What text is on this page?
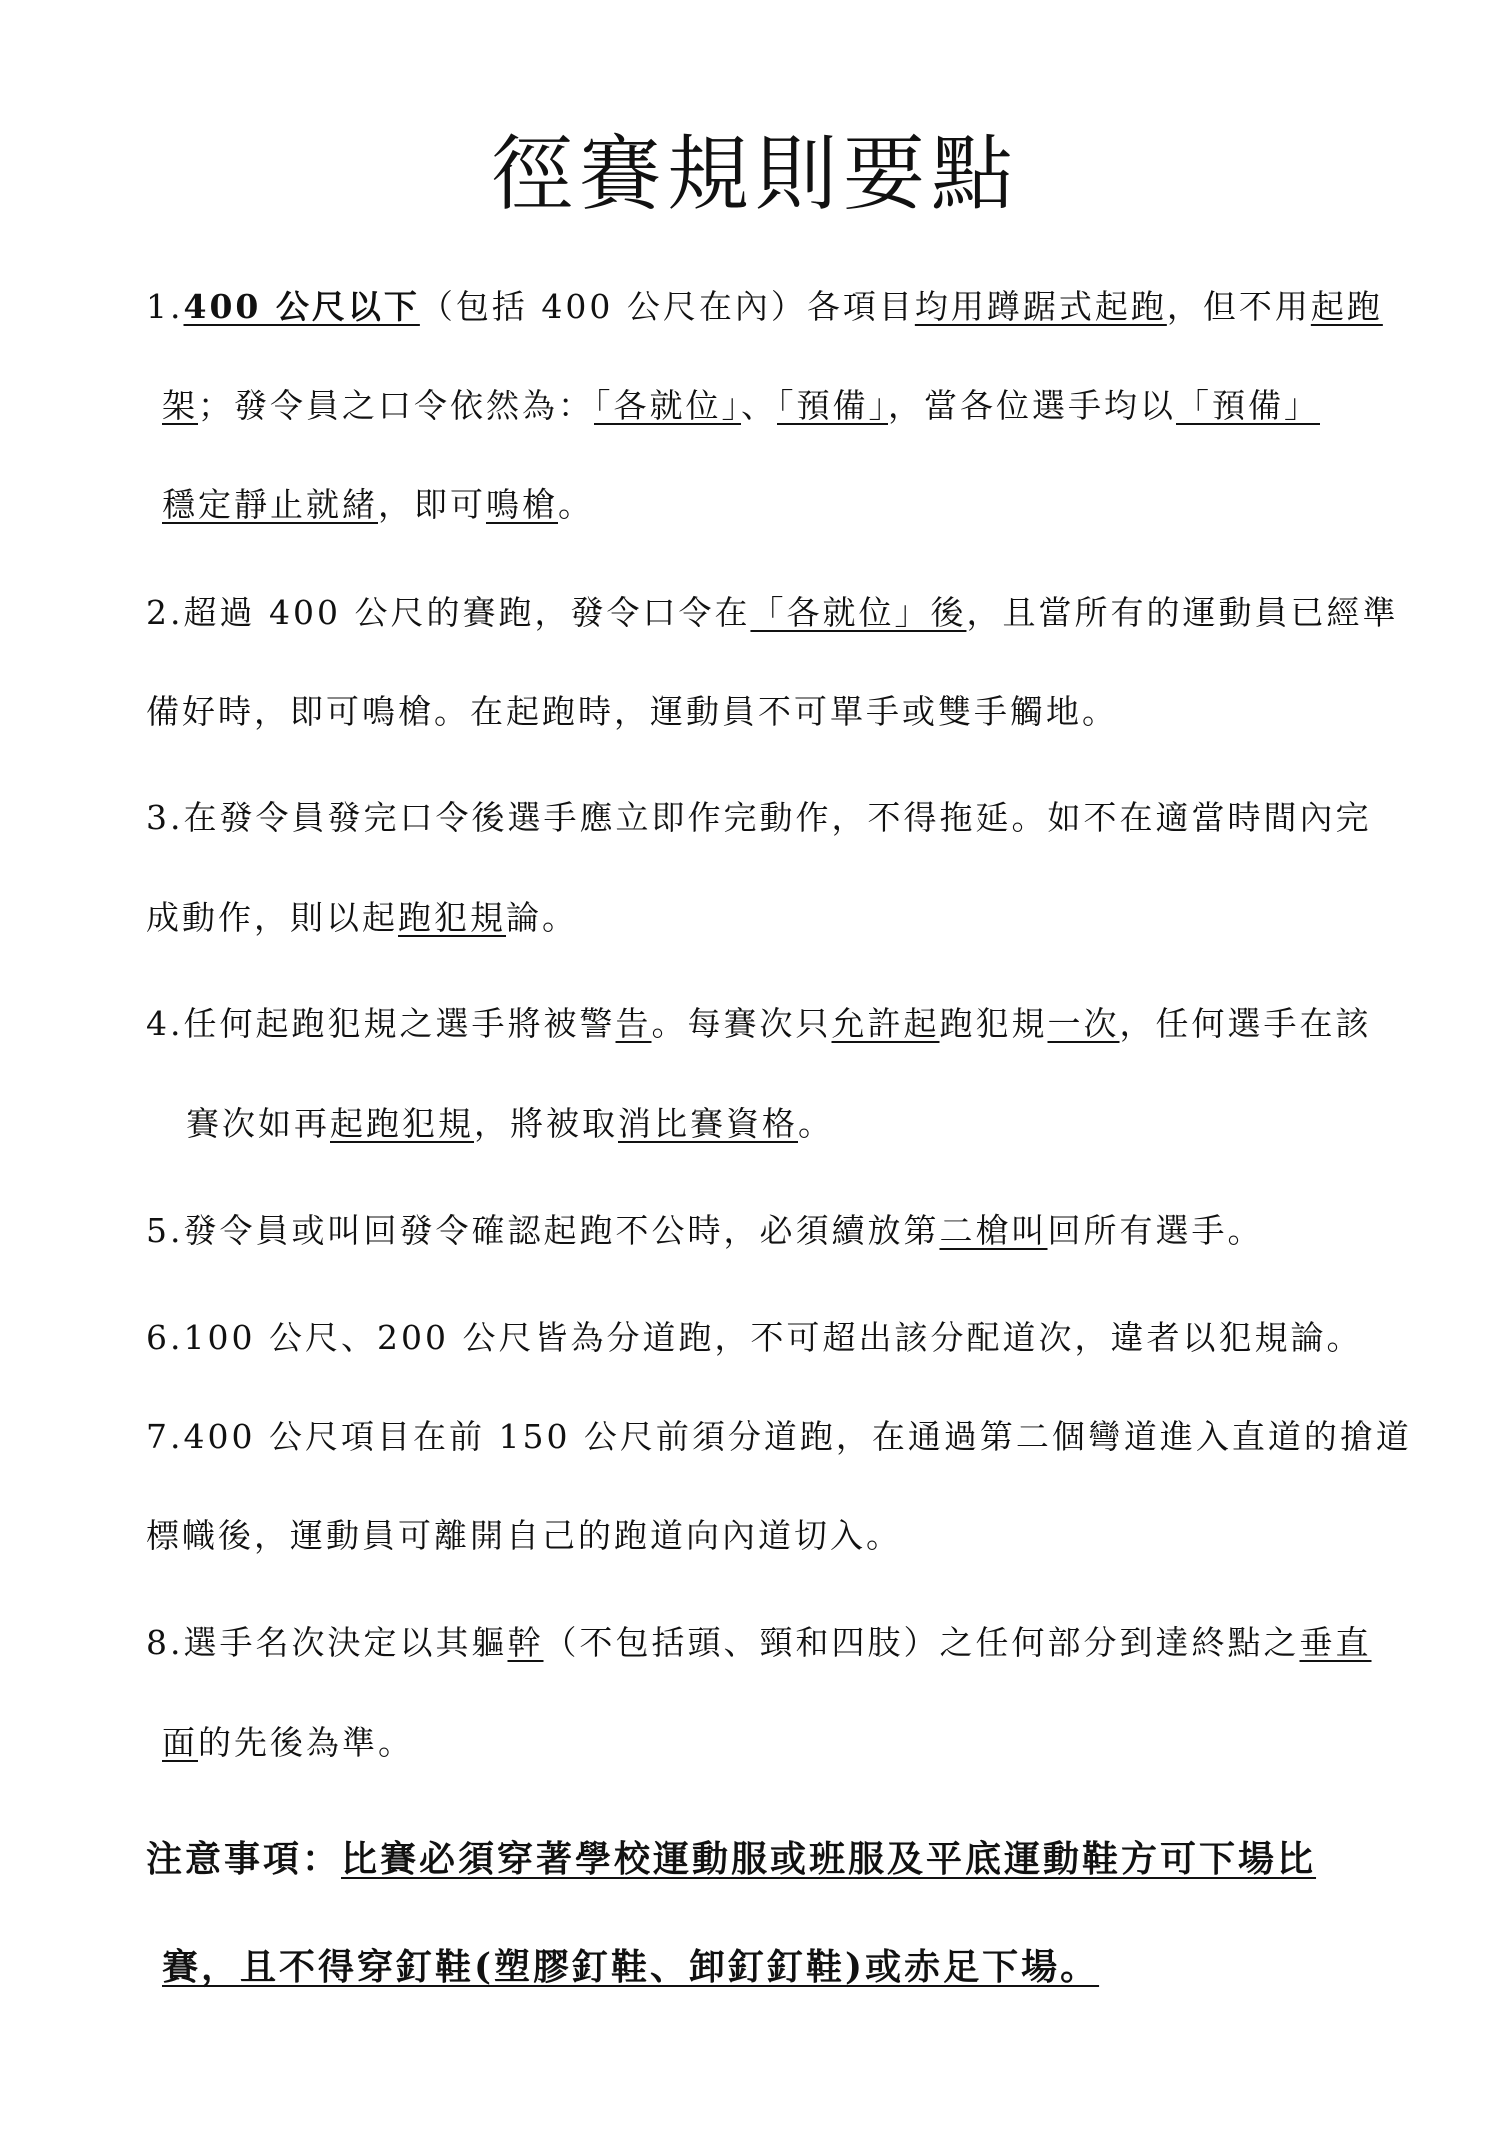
徑賽規則要點
1.400 公尺以下（包括 400 公尺在內）各項目均用蹲踞式起跑，但不用起跑
架；發令員之口令依然為：「各就位」、「預備」，當各位選手均以「預備」
穩定靜止就緒，即可鳴槍。
2.超過 400 公尺的賽跑，發令口令在「各就位」後，且當所有的運動員已經準
備好時，即可鳴槍。在起跑時，運動員不可單手或雙手觸地。
3.在發令員發完口令後選手應立即作完動作，不得拖延。如不在適當時間內完
成動作，則以起跑犯規論。
4.任何起跑犯規之選手將被警告。每賽次只允許起跑犯規一次，任何選手在該
賽次如再起跑犯規，將被取消比賽資格。
5.發令員或叫回發令確認起跑不公時，必須續放第二槍叫回所有選手。
6.100 公尺、200 公尺皆為分道跑，不可超出該分配道次，違者以犯規論。
7.400 公尺項目在前 150 公尺前須分道跑，在通過第二個彎道進入直道的搶道
標幟後，運動員可離開自己的跑道向內道切入。
8.選手名次決定以其軀幹（不包括頭、頸和四肢）之任何部分到達終點之垂直
面的先後為準。
注意事項：比賽必須穿著學校運動服或班服及平底運動鞋方可下場比
賽，且不得穿釘鞋(塑膠釘鞋、卸釘釘鞋)或赤足下場。
